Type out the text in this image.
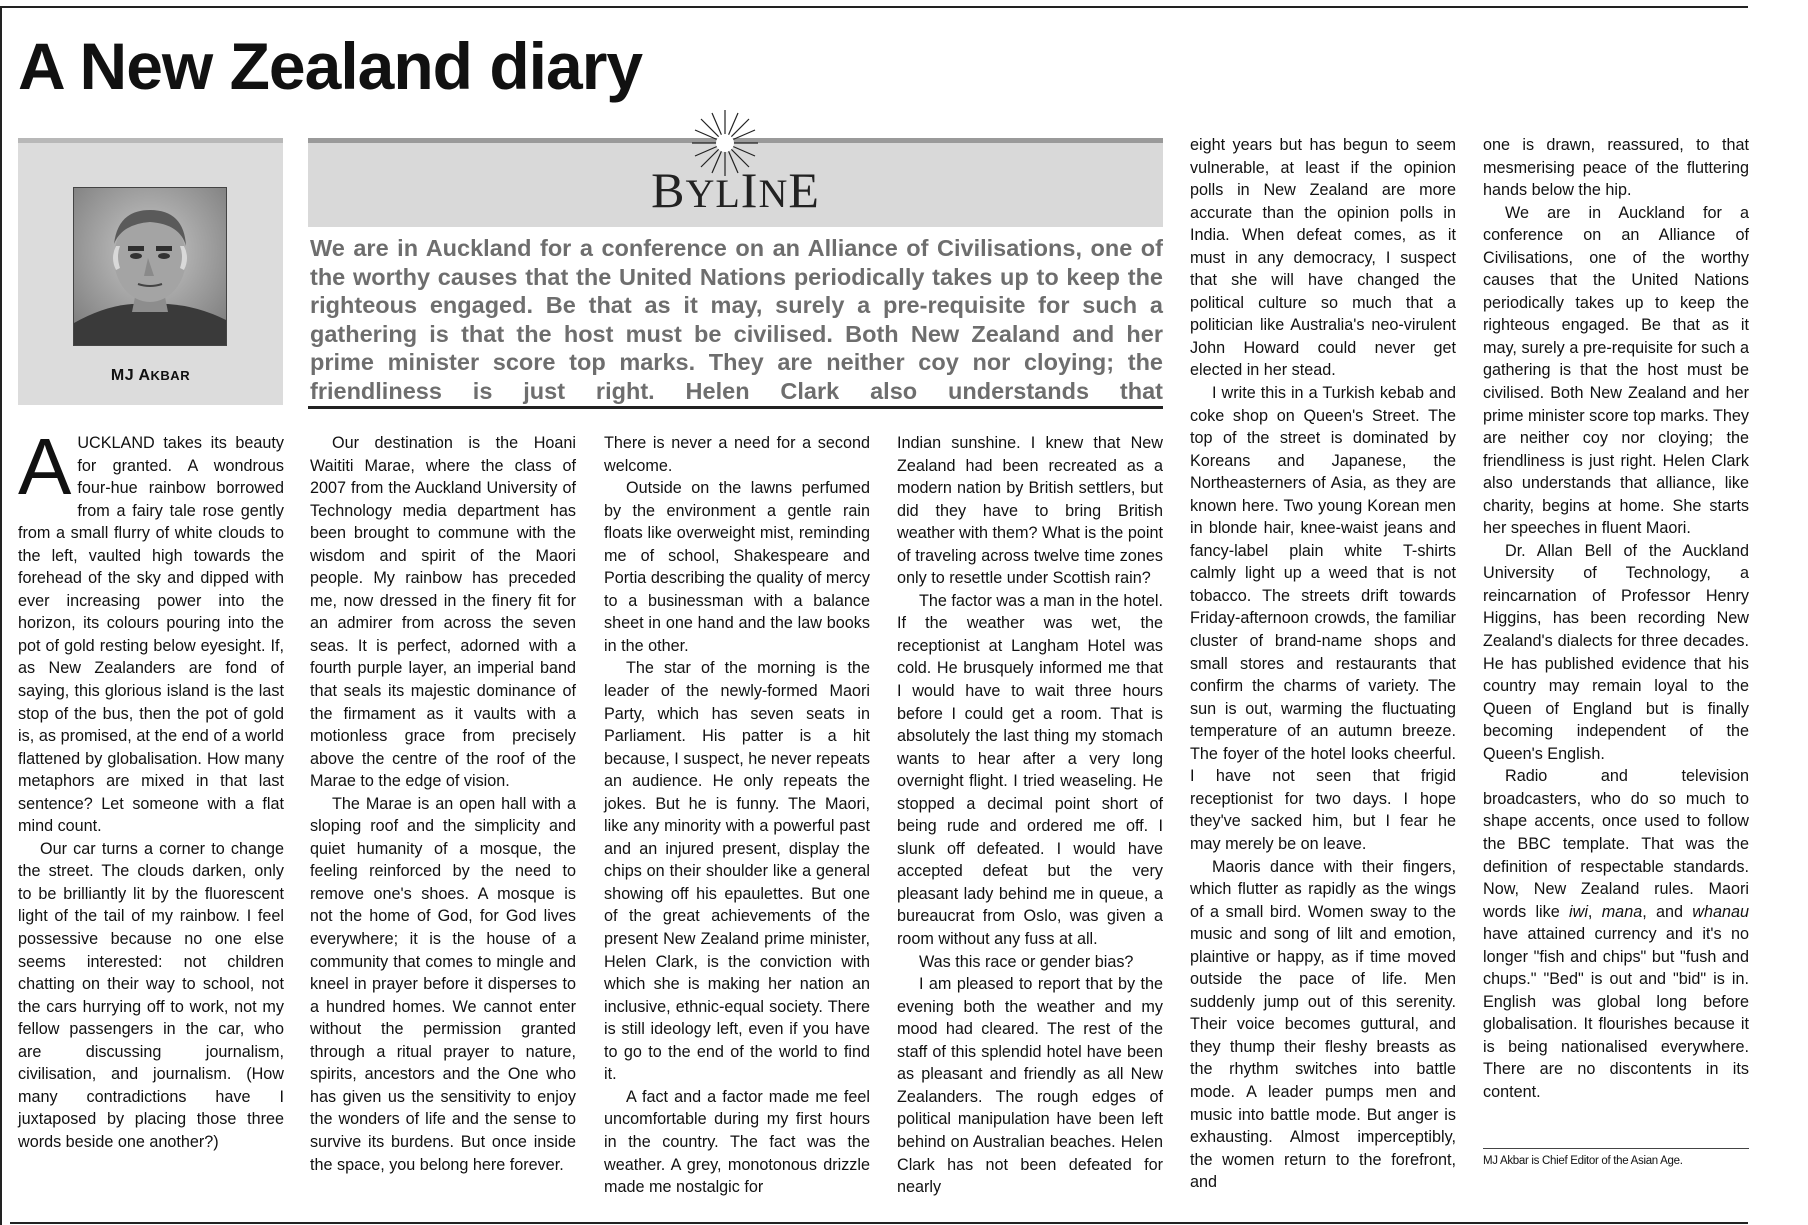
A New Zealand diary
MJ AKBAR
BYLINE

We are in Auckland for a conference on an Alliance of Civilisations, one of the worthy causes that the United Nations periodically takes up to keep the righteous engaged. Be that as it may, surely a pre-requisite for such a gathering is that the host must be civilised. Both New Zealand and her prime minister score top marks. They are neither coy nor cloying; the friendliness is just right. Helen Clark also understands that

AUCKLAND takes its beauty for granted. A wondrous four-hue rainbow borrowed from a fairy tale rose gently from a small flurry of white clouds to the left, vaulted high towards the forehead of the sky and dipped with ever increasing power into the horizon, its colours pouring into the pot of gold resting below eyesight. If, as New Zealanders are fond of saying, this glorious island is the last stop of the bus, then the pot of gold is, as promised, at the end of a world flattened by globalisation. How many metaphors are mixed in that last sentence? Let someone with a flat mind count.

Our car turns a corner to change the street. The clouds darken, only to be brilliantly lit by the fluorescent light of the tail of my rainbow. I feel possessive because no one else seems interested: not children chatting on their way to school, not the cars hurrying off to work, not my fellow passengers in the car, who are discussing journalism, civilisation, and journalism. (How many contradictions have I juxtaposed by placing those three words beside one another?)

Our destination is the Hoani Waititi Marae, where the class of 2007 from the Auckland University of Technology media department has been brought to commune with the wisdom and spirit of the Maori people. My rainbow has preceded me, now dressed in the finery fit for an admirer from across the seven seas. It is perfect, adorned with a fourth purple layer, an imperial band that seals its majestic dominance of the firmament as it vaults with a motionless grace from precisely above the centre of the roof of the Marae to the edge of vision.

The Marae is an open hall with a sloping roof and the simplicity and quiet humanity of a mosque, the feeling reinforced by the need to remove one's shoes. A mosque is not the home of God, for God lives everywhere; it is the house of a community that comes to mingle and kneel in prayer before it disperses to a hundred homes. We cannot enter without the permission granted through a ritual prayer to nature, spirits, ancestors and the One who has given us the sensitivity to enjoy the wonders of life and the sense to survive its burdens. But once inside the space, you belong here forever.

There is never a need for a second welcome.

Outside on the lawns perfumed by the environment a gentle rain floats like overweight mist, reminding me of school, Shakespeare and Portia describing the quality of mercy to a businessman with a balance sheet in one hand and the law books in the other.

The star of the morning is the leader of the newly-formed Maori Party, which has seven seats in Parliament. His patter is a hit because, I suspect, he never repeats an audience. He only repeats the jokes. But he is funny. The Maori, like any minority with a powerful past and an injured present, display the chips on their shoulder like a general showing off his epaulettes. But one of the great achievements of the present New Zealand prime minister, Helen Clark, is the conviction with which she is making her nation an inclusive, ethnic-equal society. There is still ideology left, even if you have to go to the end of the world to find it.

A fact and a factor made me feel uncomfortable during my first hours in the country. The fact was the weather. A grey, monotonous drizzle made me nostalgic for

Indian sunshine. I knew that New Zealand had been recreated as a modern nation by British settlers, but did they have to bring British weather with them? What is the point of traveling across twelve time zones only to resettle under Scottish rain?

The factor was a man in the hotel. If the weather was wet, the receptionist at Langham Hotel was cold. He brusquely informed me that I would have to wait three hours before I could get a room. That is absolutely the last thing my stomach wants to hear after a very long overnight flight. I tried weaseling. He stopped a decimal point short of being rude and ordered me off. I slunk off defeated. I would have accepted defeat but the very pleasant lady behind me in queue, a bureaucrat from Oslo, was given a room without any fuss at all.

Was this race or gender bias?

I am pleased to report that by the evening both the weather and my mood had cleared. The rest of the staff of this splendid hotel have been as pleasant and friendly as all New Zealanders. The rough edges of political manipulation have been left behind on Australian beaches. Helen Clark has not been defeated for nearly

eight years but has begun to seem vulnerable, at least if the opinion polls in New Zealand are more accurate than the opinion polls in India. When defeat comes, as it must in any democracy, I suspect that she will have changed the political culture so much that a politician like Australia's neo-virulent John Howard could never get elected in her stead.

I write this in a Turkish kebab and coke shop on Queen's Street. The top of the street is dominated by Koreans and Japanese, the Northeasterners of Asia, as they are known here. Two young Korean men in blonde hair, knee-waist jeans and fancy-label plain white T-shirts calmly light up a weed that is not tobacco. The streets drift towards Friday-afternoon crowds, the familiar cluster of brand-name shops and small stores and restaurants that confirm the charms of variety. The sun is out, warming the fluctuating temperature of an autumn breeze. The foyer of the hotel looks cheerful. I have not seen that frigid receptionist for two days. I hope they've sacked him, but I fear he may merely be on leave.

Maoris dance with their fingers, which flutter as rapidly as the wings of a small bird. Women sway to the music and song of lilt and emotion, plaintive or happy, as if time moved outside the pace of life. Men suddenly jump out of this serenity. Their voice becomes guttural, and they thump their fleshy breasts as the rhythm switches into battle mode. A leader pumps men and music into battle mode. But anger is exhausting. Almost imperceptibly, the women return to the forefront, and

one is drawn, reassured, to that mesmerising peace of the fluttering hands below the hip.

We are in Auckland for a conference on an Alliance of Civilisations, one of the worthy causes that the United Nations periodically takes up to keep the righteous engaged. Be that as it may, surely a pre-requisite for such a gathering is that the host must be civilised. Both New Zealand and her prime minister score top marks. They are neither coy nor cloying; the friendliness is just right. Helen Clark also understands that alliance, like charity, begins at home. She starts her speeches in fluent Maori.

Dr. Allan Bell of the Auckland University of Technology, a reincarnation of Professor Henry Higgins, has been recording New Zealand's dialects for three decades. He has published evidence that his country may remain loyal to the Queen of England but is finally becoming independent of the Queen's English.

Radio and television broadcasters, who do so much to shape accents, once used to follow the BBC template. That was the definition of respectable standards. Now, New Zealand rules. Maori words like iwi, mana, and whanau have attained currency and it's no longer "fish and chips" but "fush and chups." "Bed" is out and "bid" is in. English was global long before globalisation. It flourishes because it is being nationalised everywhere. There are no discontents in its content.

MJ Akbar is Chief Editor of the Asian Age.
